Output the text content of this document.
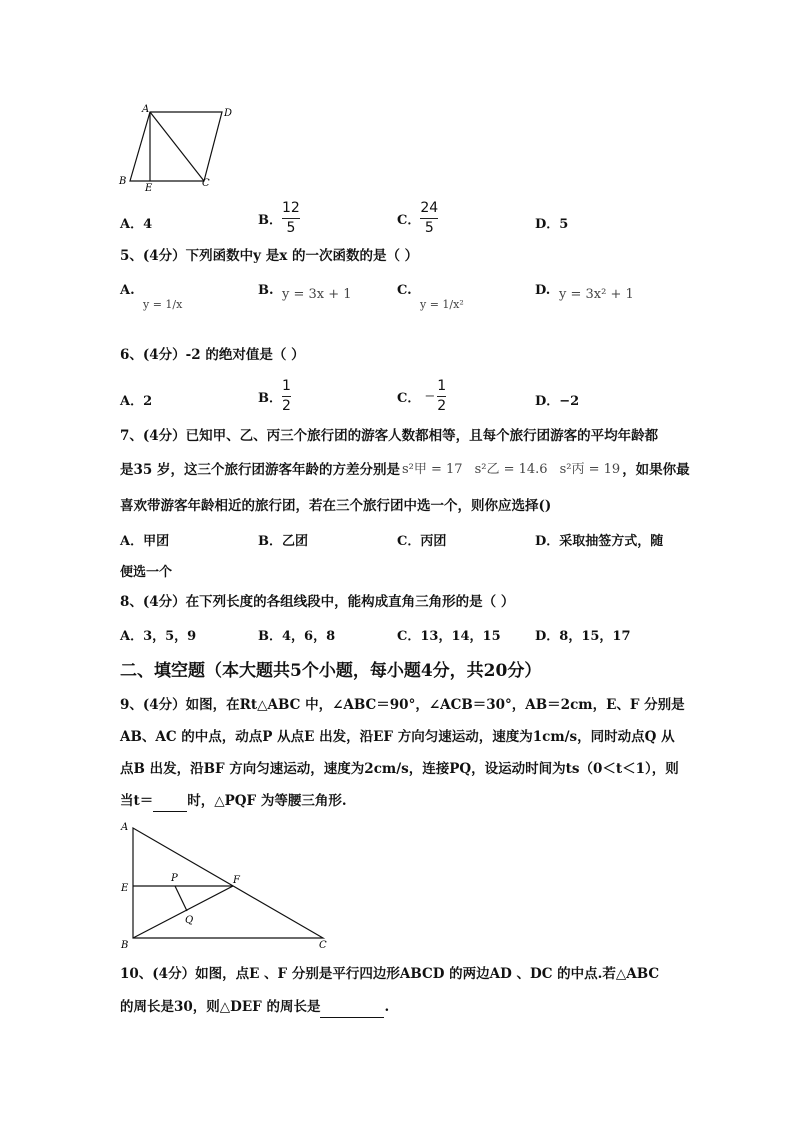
A	D
B
E	C
A．4	B． $\frac{12}{5}$	C． $\frac{24}{5}$	D．5
5、(4分）下列函数中y 是x 的一次函数的是（ ）
A.
y = 1/x
B. y = 3x + 1	C.
y = 1/x²
D. y = 3x² + 1
6、(4分）-2 的绝对值是（ ）
A．2	B． $\frac{1}{2}$	C． − $\frac{1}{2}$	D．−2
7、(4分）已知甲、乙、丙三个旅行团的游客人数都相等，且每个旅行团游客的平均年龄都
是35 岁，这三个旅行团游客年龄的方差分别是 s²甲 = 17 s²乙 = 14.6 s²丙 = 19 ，如果你最
喜欢带游客年龄相近的旅行团，若在三个旅行团中选一个，则你应选择()
A．甲团	B．乙团	C．丙团	D．采取抽签方式，随
便选一个
8、(4分）在下列长度的各组线段中，能构成直角三角形的是（ ）
A．3，5，9	B．4，6，8	C．13，14，15	D．8，15，17
二、填空题（本大题共5个小题，每小题4分，共20分）
9、(4分）如图，在Rt△ABC 中，∠ABC＝90°，∠ACB＝30°，AB＝2cm，E、F 分别是
AB、AC 的中点，动点P 从点E 出发，沿EF 方向匀速运动，速度为1cm/s，同时动点Q 从
点B 出发，沿BF 方向匀速运动，速度为2cm/s，连接PQ，设运动时间为ts（0＜t＜1），则
当t＝	时，△PQF 为等腰三角形.
A
E
B
P	F
Q
C
10、(4分）如图，点E 、F 分别是平行四边形ABCD 的两边AD 、DC 的中点.若△ABC
的周长是30，则△DEF 的周长是	.
